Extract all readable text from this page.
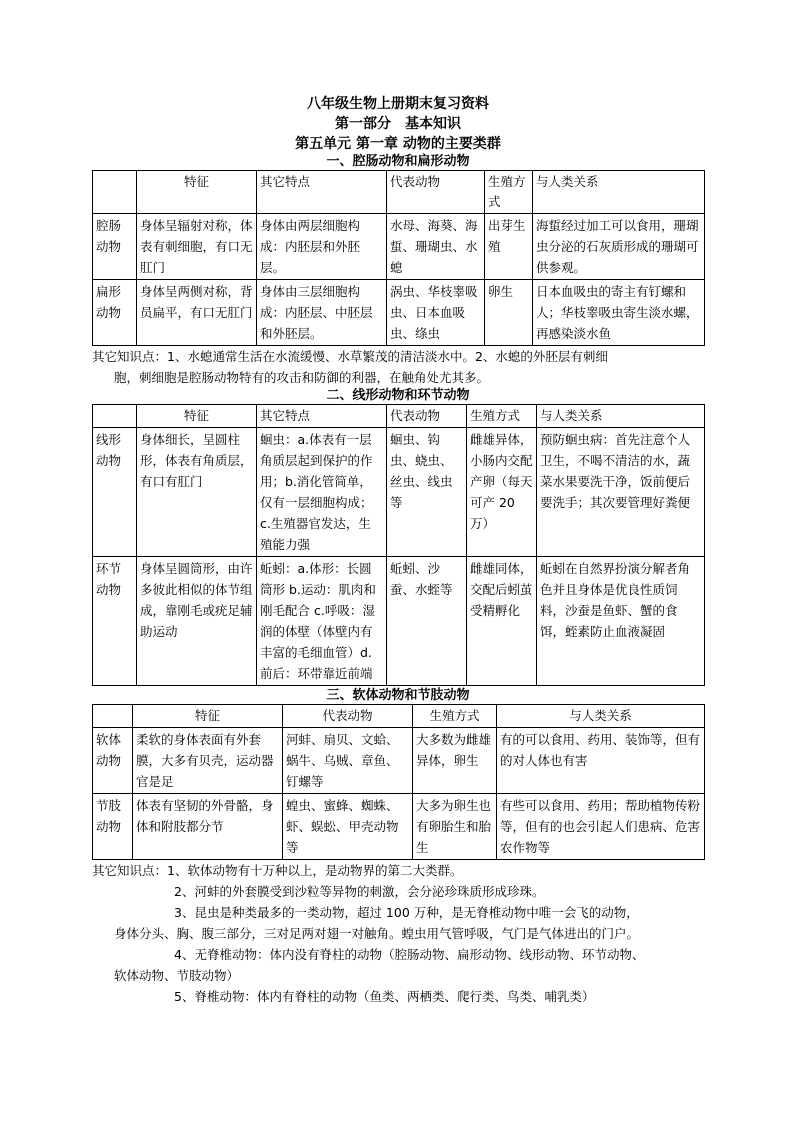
八年级生物上册期末复习资料
第一部分　基本知识
第五单元 第一章 动物的主要类群
一、腔肠动物和扁形动物
	特征	其它特点	代表动物	生殖方式	与人类关系
腔肠动物	身体呈辐射对称，体表有刺细胞，有口无肛门	身体由两层细胞构成：内胚层和外胚层。	水母、海葵、海蜇、珊瑚虫、水螅	出芽生殖	海蜇经过加工可以食用，珊瑚虫分泌的石灰质形成的珊瑚可供参观。
扁形动物	身体呈两侧对称，背员扁平，有口无肛门	身体由三层细胞构成：内胚层、中胚层和外胚层。	涡虫、华枝睾吸虫、日本血吸虫、绦虫	卵生	日本血吸虫的寄主有钉螺和人；华枝睾吸虫寄生淡水螺，再感染淡水鱼

其它知识点：1、水螅通常生活在水流缓慢、水草繁茂的清洁淡水中。2、水螅的外胚层有刺细

胞，刺细胞是腔肠动物特有的攻击和防御的利器，在触角处尤其多。

二、线形动物和环节动物
	特征	其它特点	代表动物	生殖方式	与人类关系
线形动物	身体细长，呈圆柱形，体表有角质层，有口有肛门	蛔虫：a.体表有一层角质层起到保护的作用；b.消化管简单，仅有一层细胞构成；c.生殖器官发达，生殖能力强	蛔虫、钩虫、蛲虫、丝虫、线虫等	雌雄异体，小肠内交配产卵（每天可产 20 万）	预防蛔虫病：首先注意个人卫生，不喝不清洁的水，蔬菜水果要洗干净，饭前便后要洗手；其次要管理好粪便
环节动物	身体呈圆筒形，由许多彼此相似的体节组成，靠刚毛或疣足辅助运动	蚯蚓：a.体形：长圆筒形 b.运动：肌肉和刚毛配合 c.呼吸：湿润的体壁（体壁内有丰富的毛细血管）d.前后：环带靠近前端	蚯蚓、沙蚕、水蛭等	雌雄同体，交配后蚓茧受精孵化	蚯蚓在自然界扮演分解者角色并且身体是优良性质饲料，沙蚕是鱼虾、蟹的食饵，蛭素防止血液凝固
三、软体动物和节肢动物
	特征	代表动物	生殖方式	与人类关系
软体动物	柔软的身体表面有外套膜，大多有贝壳，运动器官是足	河蚌、扇贝、文蛤、蜗牛、乌贼、章鱼、钉螺等	大多数为雌雄异体，卵生	有的可以食用、药用、装饰等，但有的对人体也有害
节肢动物	体表有坚韧的外骨骼，身体和附肢都分节	蝗虫、蜜蜂、蜘蛛、虾、蜈蚣、甲壳动物等	大多为卵生也有卵胎生和胎生	有些可以食用、药用；帮助植物传粉等，但有的也会引起人们患病、危害农作物等

其它知识点：1、软体动物有十万种以上，是动物界的第二大类群。

2、河蚌的外套膜受到沙粒等异物的刺激，会分泌珍珠质形成珍珠。

3、昆虫是种类最多的一类动物，超过 100 万种，是无脊椎动物中唯一会飞的动物，

身体分头、胸、腹三部分，三对足两对翅一对触角。蝗虫用气管呼吸，气门是气体进出的门户。

4、无脊椎动物：体内没有脊柱的动物（腔肠动物、扁形动物、线形动物、环节动物、

软体动物、节肢动物）

5、脊椎动物：体内有脊柱的动物（鱼类、两栖类、爬行类、鸟类、哺乳类）
